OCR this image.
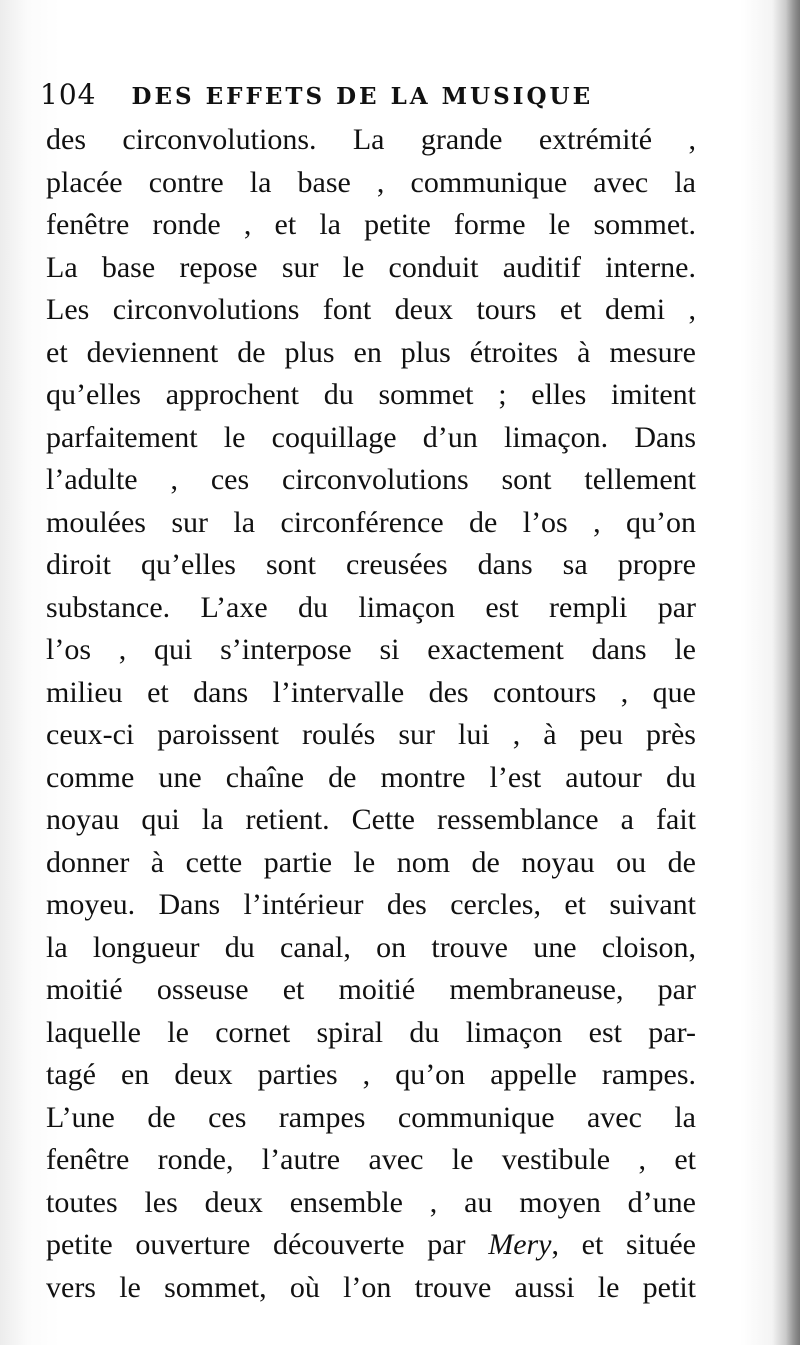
104 DES EFFETS DE LA MUSIQUE
des circonvolutions. La grande extrémité ,
placée contre la base , communique avec la
fenêtre ronde , et la petite forme le sommet.
La base repose sur le conduit auditif interne.
Les circonvolutions font deux tours et demi ,
et deviennent de plus en plus étroites à mesure
qu’elles approchent du sommet ; elles imitent
parfaitement le coquillage d’un limaçon. Dans
l’adulte , ces circonvolutions sont tellement
moulées sur la circonférence de l’os , qu’on
diroit qu’elles sont creusées dans sa propre
substance. L’axe du limaçon est rempli par
l’os , qui s’interpose si exactement dans le
milieu et dans l’intervalle des contours , que
ceux-ci paroissent roulés sur lui , à peu près
comme une chaîne de montre l’est autour du
noyau qui la retient. Cette ressemblance a fait
donner à cette partie le nom de noyau ou de
moyeu. Dans l’intérieur des cercles, et suivant
la longueur du canal, on trouve une cloison,
moitié osseuse et moitié membraneuse, par
laquelle le cornet spiral du limaçon est par-
tagé en deux parties , qu’on appelle rampes.
L’une de ces rampes communique avec la
fenêtre ronde, l’autre avec le vestibule , et
toutes les deux ensemble , au moyen d’une
petite ouverture découverte par Mery, et située
vers le sommet, où l’on trouve aussi le petit
